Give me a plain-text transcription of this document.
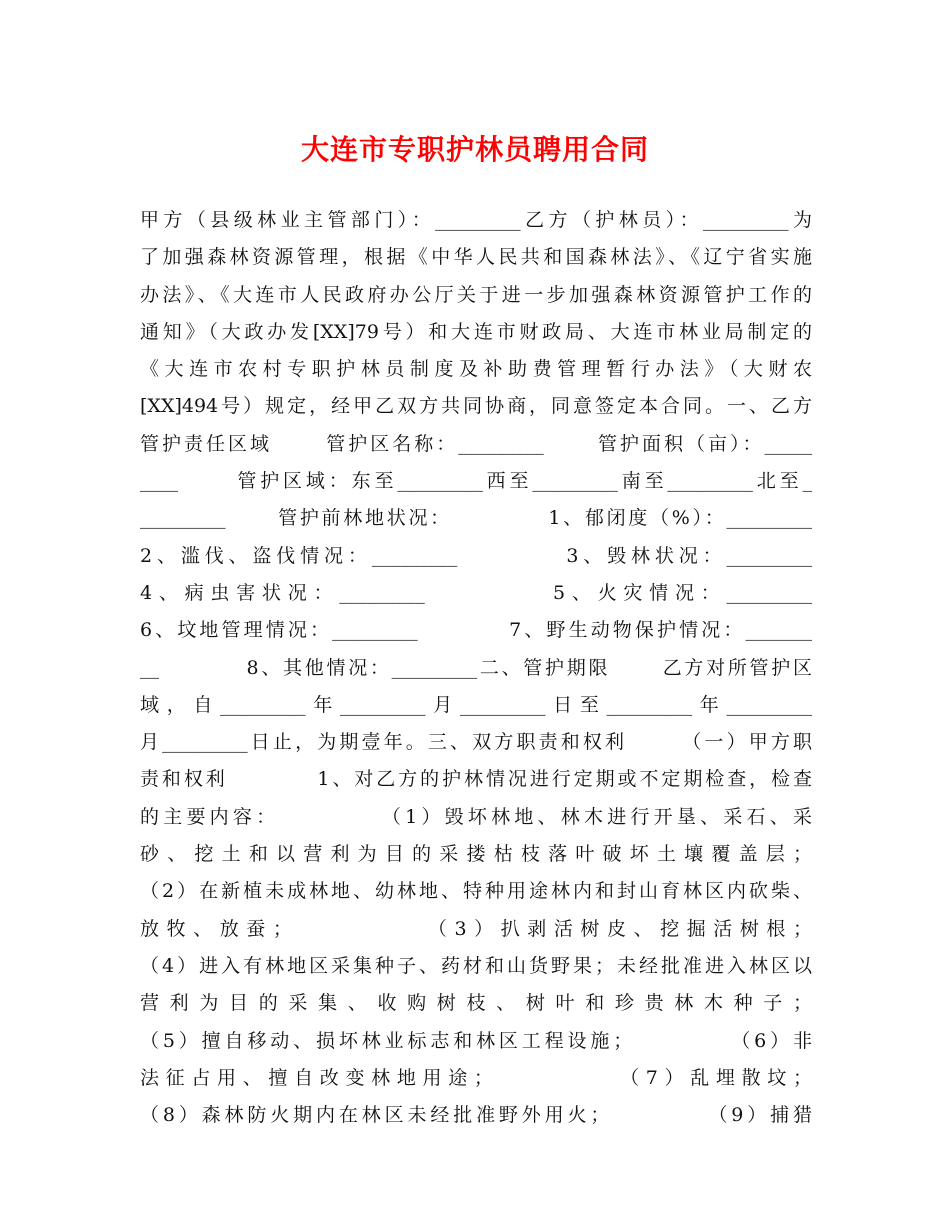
大连市专职护林员聘用合同
甲方（县级林业主管部门）：_________乙方（护林员）：_________为
了加强森林资源管理，根据《中华人民共和国森林法》、《辽宁省实施
办法》、《大连市人民政府办公厅关于进一步加强森林资源管护工作的
通知》（大政办发[XX]79号）和大连市财政局、大连市林业局制定的
《大连市农村专职护林员制度及补助费管理暂行办法》（大财农
[XX]494号）规定，经甲乙双方共同协商，同意签定本合同。一、乙方
管护责任区域      管护区名称：_________      管护面积（亩）：_____
____      管护区域：东至_________西至_________南至_________北至_
_________      管护前林地状况：           1、郁闭度（%）：_________
2、滥伐、盗伐情况：_________          3、毁林状况：_________
4、病虫害状况：_________          5、火灾情况：_________
6、坟地管理情况：_________          7、野生动物保护情况：_______
__          8、其他情况：_________二、管护期限      乙方对所管护区
域，自_________年_________月_________日至_________年_________
月_________日止，为期壹年。三、双方职责和权利      （一）甲方职
责和权利          1、对乙方的护林情况进行定期或不定期检查，检查
的主要内容：          （1）毁坏林地、林木进行开垦、采石、采
砂、挖土和以营利为目的采搂枯枝落叶破坏土壤覆盖层；
（2）在新植未成林地、幼林地、特种用途林内和封山育林区内砍柴、
放牧、放蚕；          （3）扒剥活树皮、挖掘活树根；
（4）进入有林地区采集种子、药材和山货野果；未经批准进入林区以
营利为目的采集、收购树枝、树叶和珍贵林木种子；
（5）擅自移动、损坏林业标志和林区工程设施；          （6）非
法征占用、擅自改变林地用途；          （7）乱埋散坟；
（8）森林防火期内在林区未经批准野外用火；          （9）捕猎
